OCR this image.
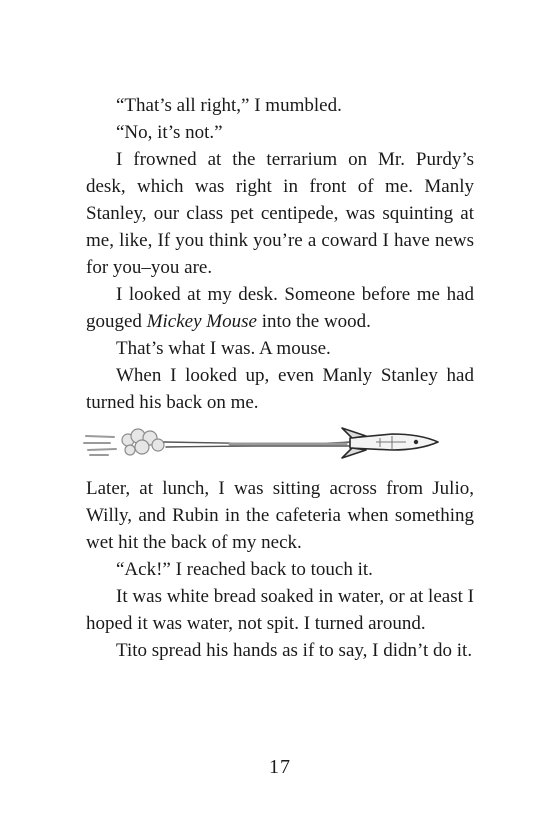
“That’s all right,” I mumbled.

“No, it’s not.”

I frowned at the terrarium on Mr. Purdy’s desk, which was right in front of me. Manly Stanley, our class pet centipede, was squinting at me, like, If you think you’re a coward I have news for you–you are.

I looked at my desk. Someone before me had gouged Mickey Mouse into the wood.

That’s what I was. A mouse.

When I looked up, even Manly Stanley had turned his back on me.

Later, at lunch, I was sitting across from Julio, Willy, and Rubin in the cafeteria when something wet hit the back of my neck.

“Ack!” I reached back to touch it.

It was white bread soaked in water, or at least I hoped it was water, not spit. I turned around.

Tito spread his hands as if to say, I didn’t do it.

17
